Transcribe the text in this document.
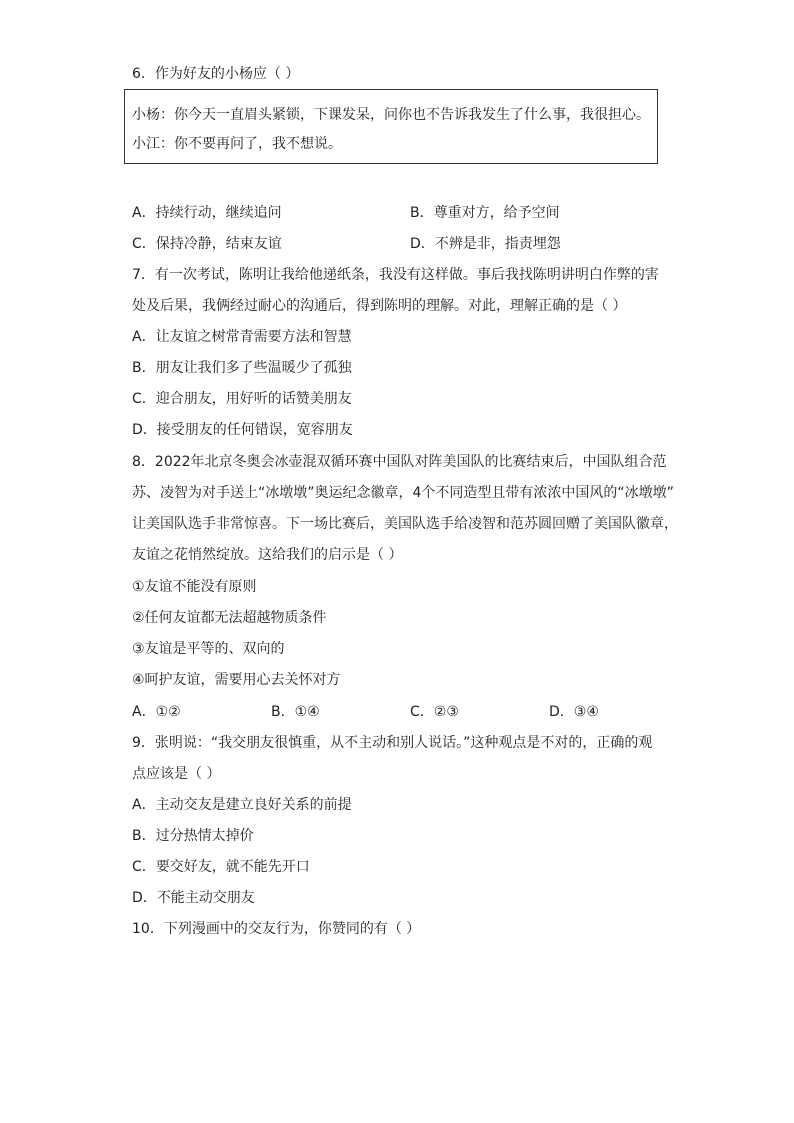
6．作为好友的小杨应（ ）
小杨：你今天一直眉头紧锁，下课发呆，问你也不告诉我发生了什么事，我很担心。
小江：你不要再问了，我不想说。
A．持续行动，继续追问	B．尊重对方，给予空间
C．保持冷静，结束友谊	D．不辨是非，指责埋怨
7．有一次考试，陈明让我给他递纸条，我没有这样做。事后我找陈明讲明白作弊的害
处及后果，我俩经过耐心的沟通后，得到陈明的理解。对此，理解正确的是（ ）
A．让友谊之树常青需要方法和智慧
B．朋友让我们多了些温暖少了孤独
C．迎合朋友，用好听的话赞美朋友
D．接受朋友的任何错误，宽容朋友
8．2022年北京冬奥会冰壶混双循环赛中国队对阵美国队的比赛结束后，中国队组合范
苏、凌智为对手送上“冰墩墩”奥运纪念徽章，4个不同造型且带有浓浓中国风的“冰墩墩”
让美国队选手非常惊喜。下一场比赛后，美国队选手给凌智和范苏圆回赠了美国队徽章，
友谊之花悄然绽放。这给我们的启示是（ ）
①友谊不能没有原则
②任何友谊都无法超越物质条件
③友谊是平等的、双向的
④呵护友谊，需要用心去关怀对方
A．①②	B．①④	C．②③	D．③④
9．张明说：“我交朋友很慎重，从不主动和别人说话。”这种观点是不对的，正确的观
点应该是（ ）
A．主动交友是建立良好关系的前提
B．过分热情太掉价
C．要交好友，就不能先开口
D．不能主动交朋友
10．下列漫画中的交友行为，你赞同的有（ ）
